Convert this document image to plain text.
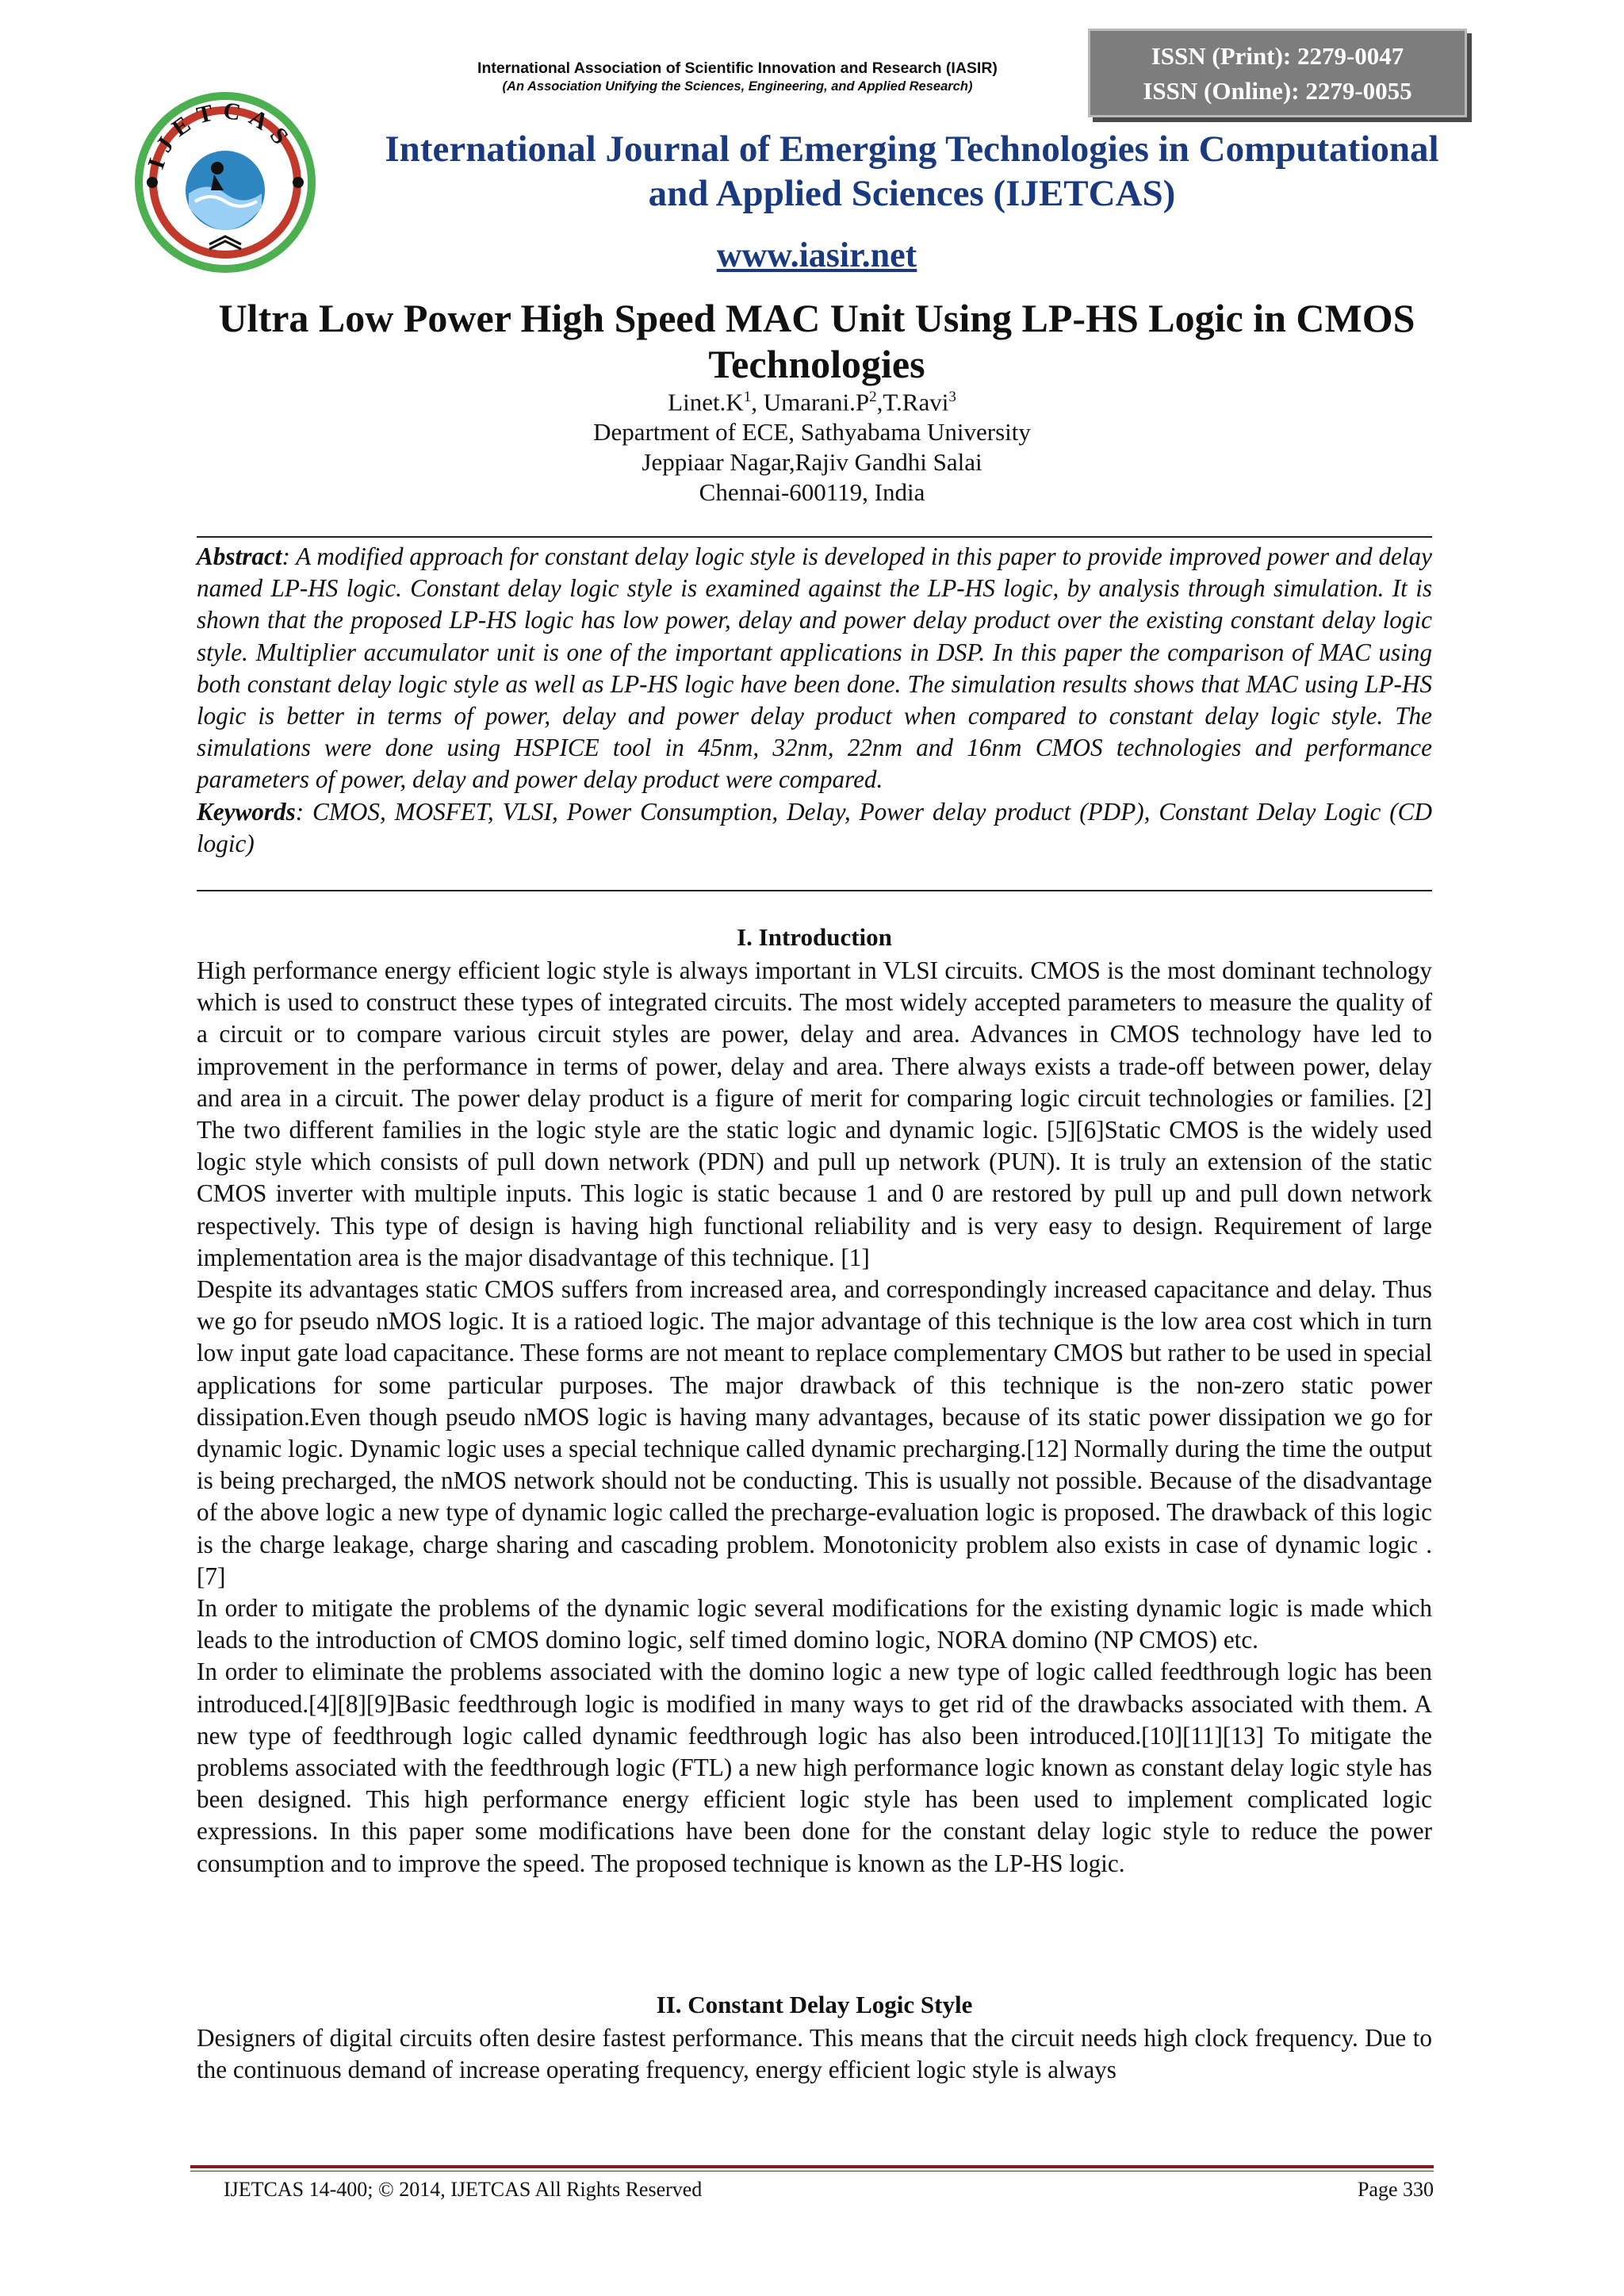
International Association of Scientific Innovation and Research (IASIR)
(An Association Unifying the Sciences, Engineering, and Applied Research)
ISSN (Print): 2279-0047
ISSN (Online): 2279-0055
IJETCAS	International Journal of Emerging Technologies in Computational
and Applied Sciences (IJETCAS)
www.iasir.net
Ultra Low Power High Speed MAC Unit Using LP-HS Logic in CMOS
Technologies
$Linet.K^1$, $Umarani.P^2,T.Ravi^3$
Department of ECE, Sathyabama University
Jeppiaar Nagar,Rajiv Gandhi Salai
Chennai-600119, India
Abstract: A modified approach for constant delay logic style is developed in this paper to provide improved power and delay named LP-HS logic. Constant delay logic style is examined against the LP-HS logic, by analysis through simulation. It is shown that the proposed LP-HS logic has low power, delay and power delay product over the existing constant delay logic style. Multiplier accumulator unit is one of the important applications in DSP. In this paper the comparison of MAC using both constant delay logic style as well as LP-HS logic have been done. The simulation results shows that MAC using LP-HS logic is better in terms of power, delay and power delay product when compared to constant delay logic style. The simulations were done using HSPICE tool in 45nm, 32nm, 22nm and 16nm CMOS technologies and performance parameters of power, delay and power delay product were compared.
Keywords: CMOS, MOSFET, VLSI, Power Consumption, Delay, Power delay product (PDP), Constant Delay Logic (CD logic)
I. Introduction

High performance energy efficient logic style is always important in VLSI circuits. CMOS is the most dominant technology which is used to construct these types of integrated circuits. The most widely accepted parameters to measure the quality of a circuit or to compare various circuit styles are power, delay and area. Advances in CMOS technology have led to improvement in the performance in terms of power, delay and area. There always exists a trade-off between power, delay and area in a circuit. The power delay product is a figure of merit for comparing logic circuit technologies or families. [2] The two different families in the logic style are the static logic and dynamic logic. [5][6]Static CMOS is the widely used logic style which consists of pull down network (PDN) and pull up network (PUN). It is truly an extension of the static CMOS inverter with multiple inputs. This logic is static because 1 and 0 are restored by pull up and pull down network respectively. This type of design is having high functional reliability and is very easy to design. Requirement of large implementation area is the major disadvantage of this technique. [1]

Despite its advantages static CMOS suffers from increased area, and correspondingly increased capacitance and delay. Thus we go for pseudo nMOS logic. It is a ratioed logic. The major advantage of this technique is the low area cost which in turn low input gate load capacitance. These forms are not meant to replace complementary CMOS but rather to be used in special applications for some particular purposes. The major drawback of this technique is the non-zero static power dissipation.Even though pseudo nMOS logic is having many advantages, because of its static power dissipation we go for dynamic logic. Dynamic logic uses a special technique called dynamic precharging.[12] Normally during the time the output is being precharged, the nMOS network should not be conducting. This is usually not possible. Because of the disadvantage of the above logic a new type of dynamic logic called the precharge-evaluation logic is proposed. The drawback of this logic is the charge leakage, charge sharing and cascading problem. Monotonicity problem also exists in case of dynamic logic . [7]

In order to mitigate the problems of the dynamic logic several modifications for the existing dynamic logic is made which leads to the introduction of CMOS domino logic, self timed domino logic, NORA domino (NP CMOS) etc.

In order to eliminate the problems associated with the domino logic a new type of logic called feedthrough logic has been introduced.[4][8][9]Basic feedthrough logic is modified in many ways to get rid of the drawbacks associated with them. A new type of feedthrough logic called dynamic feedthrough logic has also been introduced.[10][11][13] To mitigate the problems associated with the feedthrough logic (FTL) a new high performance logic known as constant delay logic style has been designed. This high performance energy efficient logic style has been used to implement complicated logic expressions. In this paper some modifications have been done for the constant delay logic style to reduce the power consumption and to improve the speed. The proposed technique is known as the LP-HS logic.

II. Constant Delay Logic Style

Designers of digital circuits often desire fastest performance. This means that the circuit needs high clock frequency. Due to the continuous demand of increase operating frequency, energy efficient logic style is always

IJETCAS 14-400; © 2014, IJETCAS All Rights Reserved	Page 330
